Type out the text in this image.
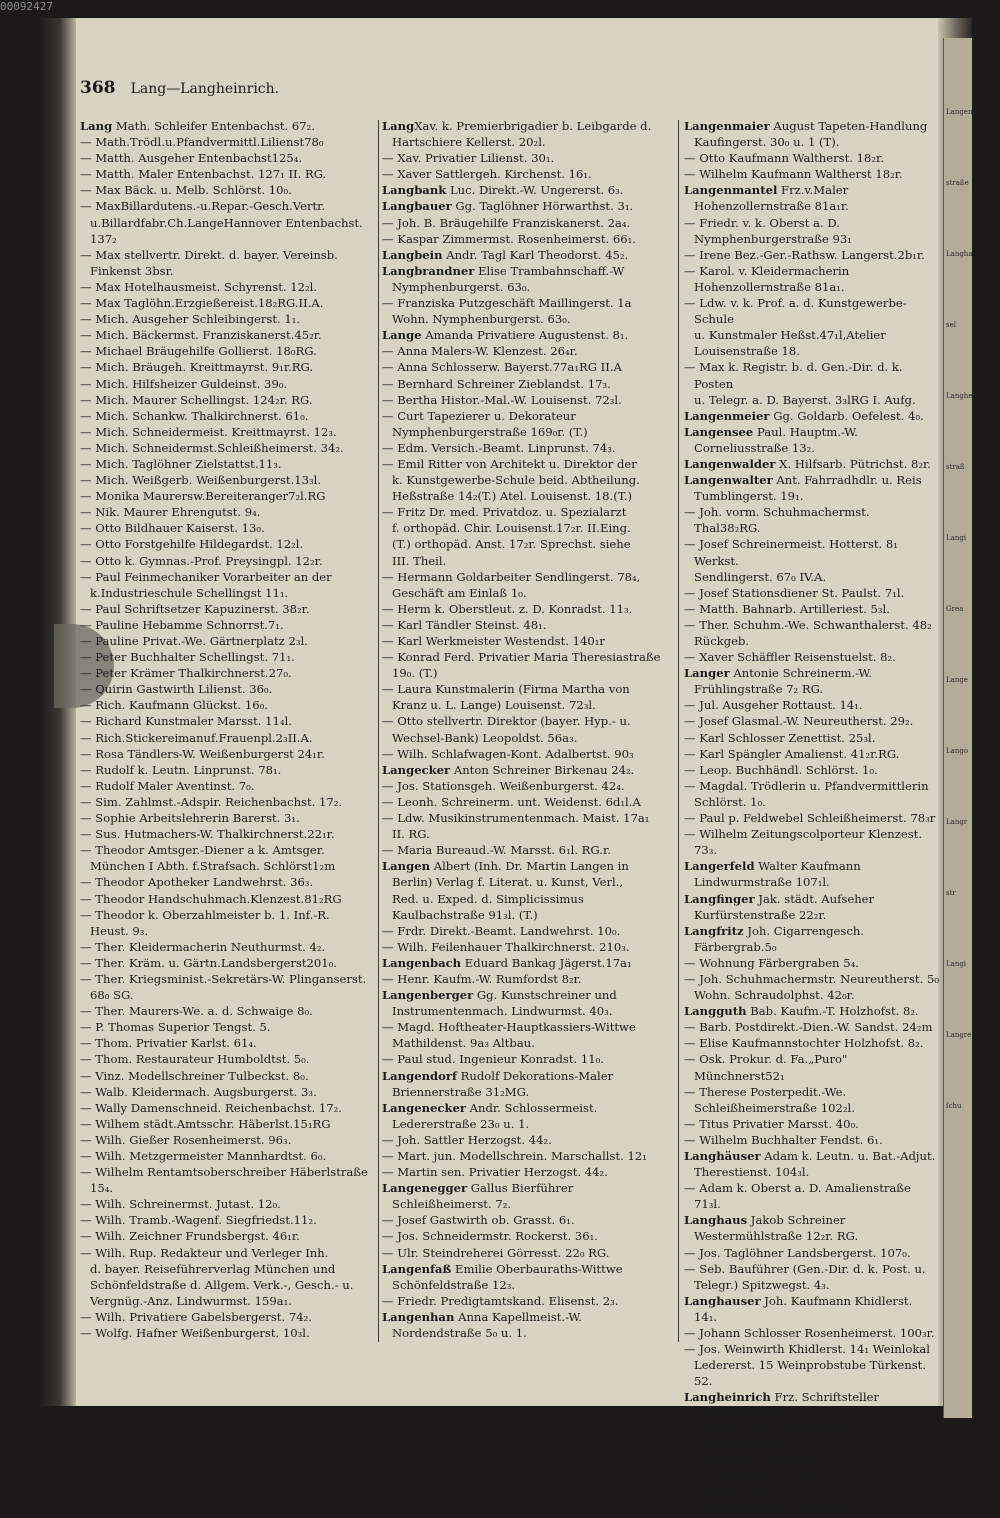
00092427
Langen
straße
Langha
sel
Langhe
straß
Langi
Grea
Lange
Lango
Langr
str
Langi
Langre
ſchu
368 Lang—Langheinrich.
Lang Math. Schleifer Entenbachst. 67₂.
— Math.Trödl.u.Pfandvermittl.Lilienst78₀
— Matth. Ausgeher Entenbachst125₄.
— Matth. Maler Entenbachst. 127₁ II. RG.
— Max Bäck. u. Melb. Schlörst. 10₀.
— MaxBillardutens.-u.Repar.-Gesch.Vertr.
u.Billardfabr.Ch.LangeHannover Entenbachst. 137₂
— Max stellvertr. Direkt. d. bayer. Vereinsb.
Finkenst 3bsr.
— Max Hotelhausmeist. Schyrenst. 12₂l.
— Max Taglöhn.Erzgießereist.18₂RG.II.A.
— Mich. Ausgeher Schleibingerst. 1₁.
— Mich. Bäckermst. Franziskanerst.45₂r.
— Michael Bräugehilfe Gollierst. 18₀RG.
— Mich. Bräugeh. Kreittmayrst. 9₁r.RG.
— Mich. Hilfsheizer Guldeinst. 39₀.
— Mich. Maurer Schellingst. 124₂r. RG.
— Mich. Schankw. Thalkirchnerst. 61₀.
— Mich. Schneidermeist. Kreittmayrst. 12₃.
— Mich. Schneidermst.Schleißheimerst. 34₂.
— Mich. Taglöhner Zielstattst.11₃.
— Mich. Weißgerb. Weißenburgerst.13₃l.
— Monika Maurersw.Bereiteranger7₂l.RG
— Nik. Maurer Ehrengutst. 9₄.
— Otto Bildhauer Kaiserst. 13₀.
— Otto Forstgehilfe Hildegardst. 12₂l.
— Otto k. Gymnas.-Prof. Preysingpl. 12₂r.
— Paul Feinmechaniker Vorarbeiter an der
k.Industrieschule Schellingst 11₁.
— Paul Schriftsetzer Kapuzinerst. 38₂r.
— Pauline Hebamme Schnorrst.7₁.
— Pauline Privat.-We. Gärtnerplatz 2₃l.
— Peter Buchhalter Schellingst. 71₁.
— Peter Krämer Thalkirchnerst.27₀.
— Quirin Gastwirth Lilienst. 36₀.
— Rich. Kaufmann Glückst. 16₀.
— Richard Kunstmaler Marsst. 11₄l.
— Rich.Stickereimanuf.Frauenpl.2₃II.A.
— Rosa Tändlers-W. Weißenburgerst 24₁r.
— Rudolf k. Leutn. Linprunst. 78₁.
— Rudolf Maler Aventinst. 7₀.
— Sim. Zahlmst.-Adspir. Reichenbachst. 17₂.
— Sophie Arbeitslehrerin Barerst. 3₁.
— Sus. Hutmachers-W. Thalkirchnerst.22₁r.
— Theodor Amtsger.-Diener a k. Amtsger.
München I Abth. f.Strafsach. Schlörst1₂m
— Theodor Apotheker Landwehrst. 36₃.
— Theodor Handschuhmach.Klenzest.81₂RG
— Theodor k. Oberzahlmeister b. 1. Inf.-R.
Heust. 9₃.
— Ther. Kleidermacherin Neuthurmst. 4₂.
— Ther. Kräm. u. Gärtn.Landsbergerst201₀.
— Ther. Kriegsminist.-Sekretärs-W. Plinganserst. 68₀ SG.
— Ther. Maurers-We. a. d. Schwaige 8₀.
— P. Thomas Superior Tengst. 5.
— Thom. Privatier Karlst. 61₄.
— Thom. Restaurateur Humboldtst. 5₀.
— Vinz. Modellschreiner Tulbeckst. 8₀.
— Walb. Kleidermach. Augsburgerst. 3₃.
— Wally Damenschneid. Reichenbachst. 17₂.
— Wilhem städt.Amtsschr. Häberlst.15₁RG
— Wilh. Gießer Rosenheimerst. 96₃.
— Wilh. Metzgermeister Mannhardtst. 6₀.
— Wilhelm Rentamtsoberschreiber Häberlstraße 15₄.
— Wilh. Schreinermst. Jutast. 12₀.
— Wilh. Tramb.-Wagenf. Siegfriedst.11₂.
— Wilh. Zeichner Frundsbergst. 46₁r.
— Wilh. Rup. Redakteur und Verleger Inh.
d. bayer. Reiseführerverlag München und
Schönfeldstraße d. Allgem. Verk.-, Gesch.- u.
Vergnüg.-Anz. Lindwurmst. 159a₁.
— Wilh. Privatiere Gabelsbergerst. 74₂.
— Wolfg. Hafner Weißenburgerst. 10₃l.
LangXav. k. Premierbrigadier b. Leibgarde d.
Hartschiere Kellerst. 20₂l.
— Xav. Privatier Lilienst. 30₁.
— Xaver Sattlergeh. Kirchenst. 16₁.
Langbank Luc. Direkt.-W. Ungererst. 6₃.
Langbauer Gg. Taglöhner Hörwarthst. 3₁.
— Joh. B. Bräugehilfe Franziskanerst. 2a₄.
— Kaspar Zimmermst. Rosenheimerst. 66₁.
Langbein Andr. Tagl Karl Theodorst. 45₂.
Langbrandner Elise Trambahnschaff.-W
Nymphenburgerst. 63₀.
— Franziska Putzgeschäft Maillingerst. 1a
Wohn. Nymphenburgerst. 63₀.
Lange Amanda Privatiere Augustenst. 8₁.
— Anna Malers-W. Klenzest. 26₄r.
— Anna Schlosserw. Bayerst.77a₁RG II.A
— Bernhard Schreiner Zieblandst. 17₃.
— Bertha Histor.-Mal.-W. Louisenst. 72₃l.
— Curt Tapezierer u. Dekorateur Nymphenburgerstraße 169₀r. (T.)
— Edm. Versich.-Beamt. Linprunst. 74₃.
— Emil Ritter von Architekt u. Direktor der
k. Kunstgewerbe-Schule beid. Abtheilung.
Heßstraße 14₂(T.) Atel. Louisenst. 18.(T.)
— Fritz Dr. med. Privatdoz. u. Spezialarzt
f. orthopäd. Chir. Louisenst.17₂r. II.Eing.
(T.) orthopäd. Anst. 17₂r. Sprechst. siehe
III. Theil.
— Hermann Goldarbeiter Sendlingerst. 78₄,
Geschäft am Einlaß 1₀.
— Herm k. Oberstleut. z. D. Konradst. 11₃.
— Karl Tändler Steinst. 48₁.
— Karl Werkmeister Westendst. 140₁r
— Konrad Ferd. Privatier Maria Theresiastraße 19₀. (T.)
— Laura Kunstmalerin (Firma Martha von
Kranz u. L. Lange) Louisenst. 72₃l.
— Otto stellvertr. Direktor (bayer. Hyp.- u.
Wechsel-Bank) Leopoldst. 56a₃.
— Wilh. Schlafwagen-Kont. Adalbertst. 90₃
Langecker Anton Schreiner Birkenau 24₂.
— Jos. Stationsgeh. Weißenburgerst. 42₄.
— Leonh. Schreinerm. unt. Weidenst. 6d₁l.A
— Ldw. Musikinstrumentenmach. Maist. 17a₁
II. RG.
— Maria Bureaud.-W. Marsst. 6₁l. RG.r.
Langen Albert (Inh. Dr. Martin Langen in
Berlin) Verlag f. Literat. u. Kunst, Verl.,
Red. u. Exped. d. Simplicissimus Kaulbachstraße 91₃l. (T.)
— Frdr. Direkt.-Beamt. Landwehrst. 10₀.
— Wilh. Feilenhauer Thalkirchnerst. 210₃.
Langenbach Eduard Bankag Jägerst.17a₁
— Henr. Kaufm.-W. Rumfordst 8₂r.
Langenberger Gg. Kunstschreiner und Instrumentenmach. Lindwurmst. 40₃.
— Magd. Hoftheater-Hauptkassiers-Wittwe
Mathildenst. 9a₃ Altbau.
— Paul stud. Ingenieur Konradst. 11₀.
Langendorf Rudolf Dekorations-Maler
Briennerstraße 31₂MG.
Langenecker Andr. Schlossermeist. Ledererstraße 23₀ u. 1.
— Joh. Sattler Herzogst. 44₂.
— Mart. jun. Modellschrein. Marschallst. 12₁
— Martin sen. Privatier Herzogst. 44₂.
Langenegger Gallus Bierführer Schleißheimerst. 7₂.
— Josef Gastwirth ob. Grasst. 6₁.
— Jos. Schneidermstr. Rockerst. 36₁.
— Ulr. Steindreherei Görresst. 22₀ RG.
Langenfaß Emilie Oberbauraths-Wittwe
Schönfeldstraße 12₃.
— Friedr. Predigtamtskand. Elisenst. 2₃.
Langenhan Anna Kapellmeist.-W. Nordendstraße 5₀ u. 1.
Langenmaier August Tapeten-Handlung
Kaufingerst. 30₀ u. 1 (T).
— Otto Kaufmann Waltherst. 18₂r.
— Wilhelm Kaufmann Waltherst 18₂r.
Langenmantel Frz.v.Maler Hohenzollernstraße 81a₁r.
— Friedr. v. k. Oberst a. D. Nymphenburgerstraße 93₁
— Irene Bez.-Ger.-Rathsw. Langerst.2b₁r.
— Karol. v. Kleidermacherin Hohenzollernstraße 81a₁.
— Ldw. v. k. Prof. a. d. Kunstgewerbe-Schule
u. Kunstmaler Heßst.47₁l,Atelier Louisenstraße 18.
— Max k. Registr. b. d. Gen.-Dir. d. k. Posten
u. Telegr. a. D. Bayerst. 3₃lRG I. Aufg.
Langenmeier Gg. Goldarb. Oefelest. 4₀.
Langensee Paul. Hauptm.-W. Corneliusstraße 13₂.
Langenwalder X. Hilfsarb. Pütrichst. 8₂r.
Langenwalter Ant. Fahrradhdlr. u. Reis
Tumblingerst. 19₁.
— Joh. vorm. Schuhmachermst. Thal38₂RG.
— Josef Schreinermeist. Hotterst. 8₁ Werkst.
Sendlingerst. 67₀ IV.A.
— Josef Stationsdiener St. Paulst. 7₁l.
— Matth. Bahnarb. Artilleriest. 5₃l.
— Ther. Schuhm.-We. Schwanthalerst. 48₂
Rückgeb.
— Xaver Schäffler Reisenstuelst. 8₂.
Langer Antonie Schreinerm.-W. Frühlingstraße 7₂ RG.
— Jul. Ausgeher Rottaust. 14₁.
— Josef Glasmal.-W. Neureutherst. 29₂.
— Karl Schlosser Zenettist. 25₃l.
— Karl Spängler Amalienst. 41₂r.RG.
— Leop. Buchhändl. Schlörst. 1₀.
— Magdal. Trödlerin u. Pfandvermittlerin
Schlörst. 1₀.
— Paul p. Feldwebel Schleißheimerst. 78₃r
— Wilhelm Zeitungscolporteur Klenzest. 73₃.
Langerfeld Walter Kaufmann Lindwurmstraße 107₁l.
Langfinger Jak. städt. Aufseher Kurfürstenstraße 22₂r.
Langfritz Joh. Cigarrengesch. Färbergrab.5₀
— Wohnung Färbergraben 5₄.
— Joh. Schuhmachermstr. Neureutherst. 5₀
Wohn. Schraudolphst. 42₀r.
Langguth Bab. Kaufm.-T. Holzhofst. 8₂.
— Barb. Postdirekt.-Dien.-W. Sandst. 24₂m
— Elise Kaufmannstochter Holzhofst. 8₂.
— Osk. Prokur. d. Fa.„Puro" Münchnerst52₁
— Therese Posterpedit.-We. Schleißheimerstraße 102₂l.
— Titus Privatier Marsst. 40₀.
— Wilhelm Buchhalter Fendst. 6₁.
Langhäuser Adam k. Leutn. u. Bat.-Adjut.
Therestienst. 104₃l.
— Adam k. Oberst a. D. Amalienstraße 71₃l.
Langhaus Jakob Schreiner Westermühlstraße 12₂r. RG.
— Jos. Taglöhner Landsbergerst. 107₀.
— Seb. Bauführer (Gen.-Dir. d. k. Post. u.
Telegr.) Spitzwegst. 4₃.
Langhauser Joh. Kaufmann Khidlerst. 14₁.
— Johann Schlosser Rosenheimerst. 100₃r.
— Jos. Weinwirth Khidlerst. 14₁ Weinlokal
Ledererst. 15 Weinprobstube Türkenst. 52.
Langheinrich Frz. Schriftsteller Theresienhöhe 13₂.
— Ida Gen.-Dir.-Oberverw.-W. Augustenstraße 71₃
— Joh. Maler Tulbeckst. 3₂.
— Jos. Kunstmal. u. Lithog. Tattenbachst.1a₄
— Karl Kaufmann Schulst. 12₃.
